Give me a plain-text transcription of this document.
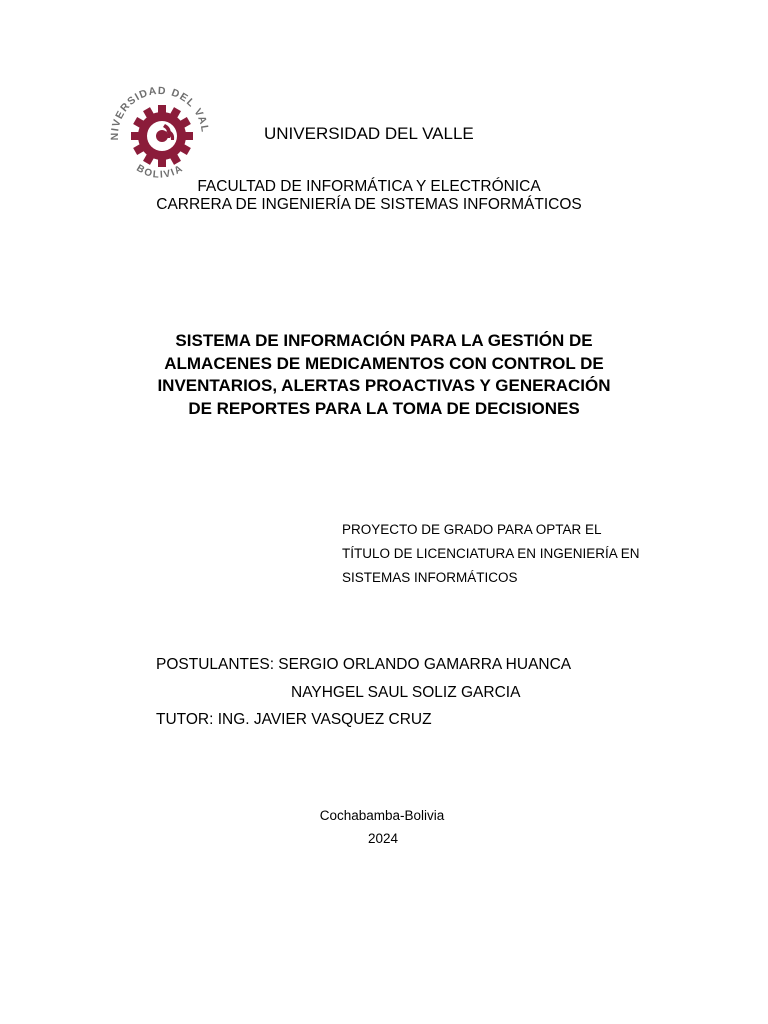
NIVERSIDAD DEL VAL
BOLIVIA
UNIVERSIDAD DEL VALLE
FACULTAD DE INFORMÁTICA Y ELECTRÓNICA
CARRERA DE INGENIERÍA DE SISTEMAS INFORMÁTICOS
SISTEMA DE INFORMACIÓN PARA LA GESTIÓN DE
ALMACENES DE MEDICAMENTOS CON CONTROL DE
INVENTARIOS, ALERTAS PROACTIVAS Y GENERACIÓN
DE REPORTES PARA LA TOMA DE DECISIONES
PROYECTO DE GRADO PARA OPTAR EL
TÍTULO DE LICENCIATURA EN INGENIERÍA EN
SISTEMAS INFORMÁTICOS
POSTULANTES: SERGIO ORLANDO GAMARRA HUANCA
NAYHGEL SAUL SOLIZ GARCIA
TUTOR: ING. JAVIER VASQUEZ CRUZ
Cochabamba-Bolivia
2024
